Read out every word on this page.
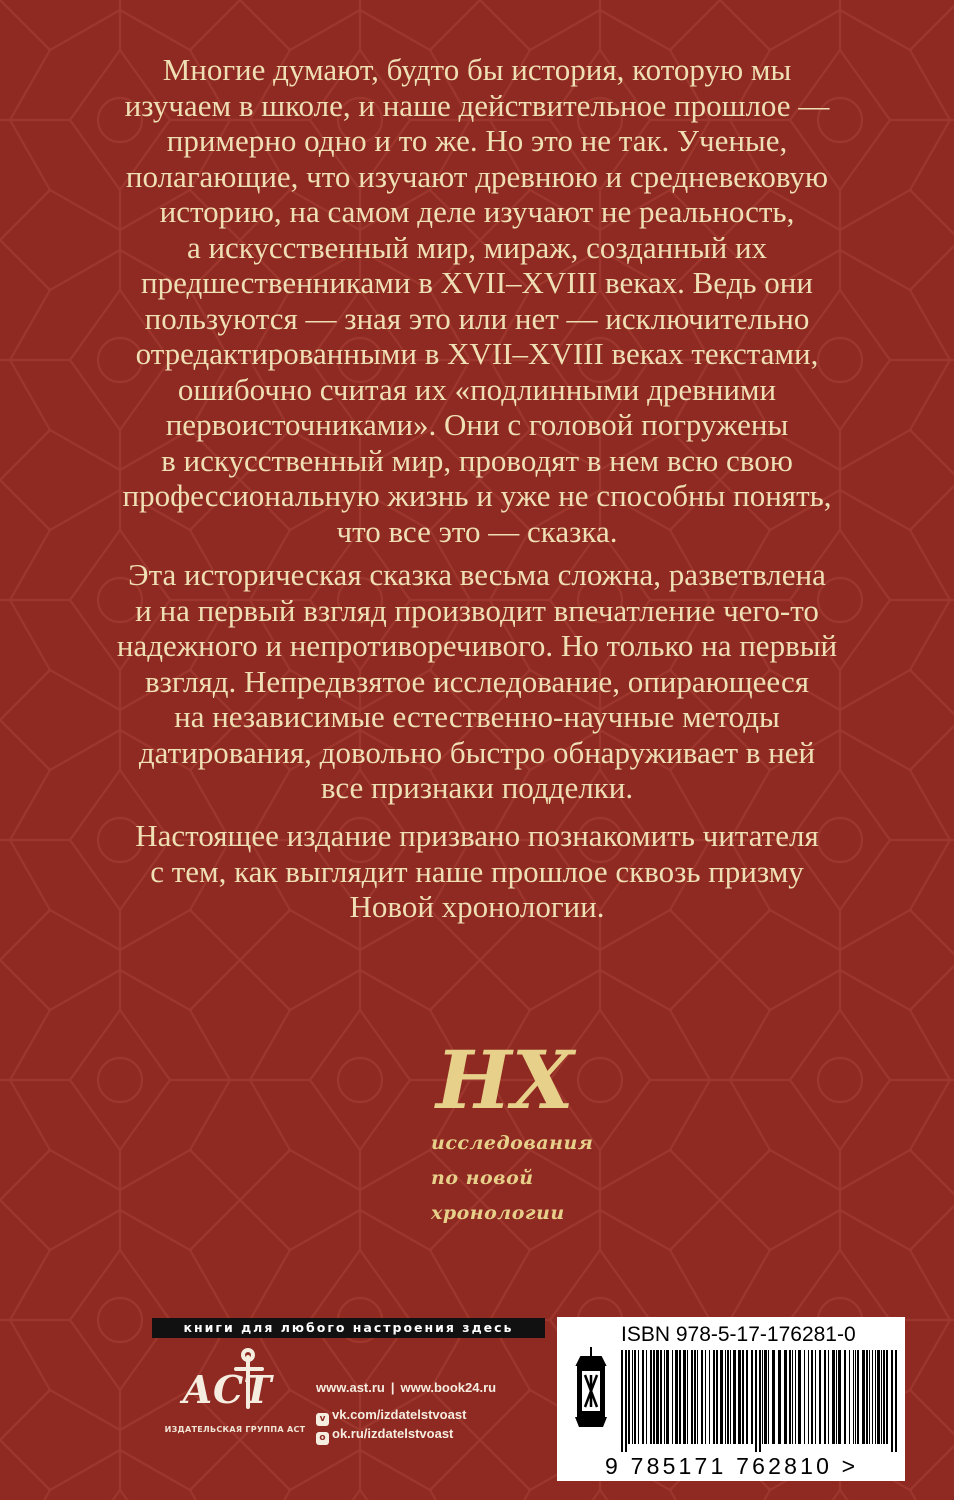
Многие думают, будто бы история, которую мы
изучаем в школе, и наше действительное прошлое —
примерно одно и то же. Но это не так. Ученые,
полагающие, что изучают древнюю и средневековую
историю, на самом деле изучают не реальность,
а искусственный мир, мираж, созданный их
предшественниками в XVII–XVIII веках. Ведь они
пользуются — зная это или нет — исключительно
отредактированными в XVII–XVIII веках текстами,
ошибочно считая их «подлинными древними
первоисточниками». Они с головой погружены
в искусственный мир, проводят в нем всю свою
профессиональную жизнь и уже не способны понять,
что все это — сказка.
Эта историческая сказка весьма сложна, разветвлена
и на первый взгляд производит впечатление чего-то
надежного и непротиворечивого. Но только на первый
взгляд. Непредвзятое исследование, опирающееся
на независимые естественно-научные методы
датирования, довольно быстро обнаруживает в ней
все признаки подделки.
Настоящее издание призвано познакомить читателя
с тем, как выглядит наше прошлое сквозь призму
Новой хронологии.
НХ
исследования
по новой
хронологии
книги для любого настроения здесь
АСТ
ИЗДАТЕЛЬСКАЯ ГРУППА АСТ
www.ast.ru | www.book24.ru
v vk.com/izdatelstvoast
o ok.ru/izdatelstvoast
ISBN 978-5-17-176281-0
9 785171 762810 >
